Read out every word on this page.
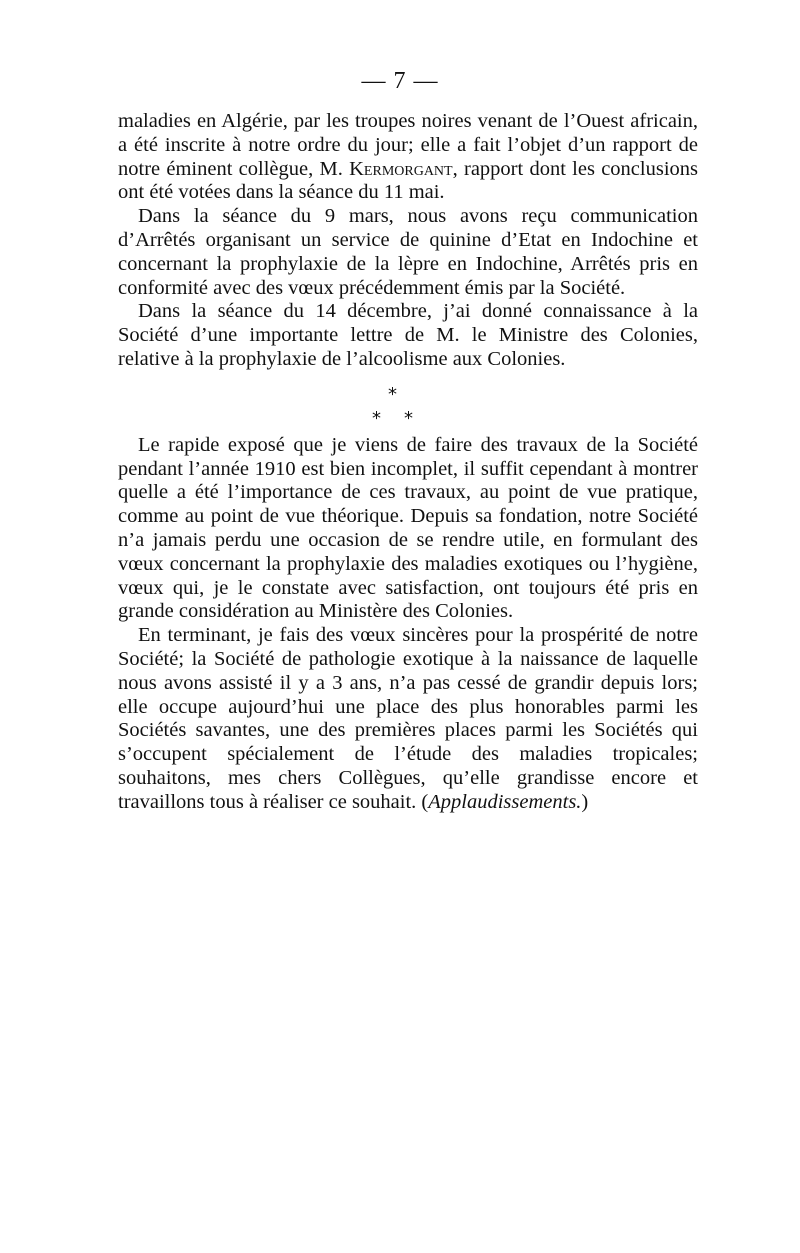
— 7 —

maladies en Algérie, par les troupes noires venant de l’Ouest africain, a été inscrite à notre ordre du jour; elle a fait l’objet d’un rapport de notre éminent collègue, M. Kermorgant, rapport dont les conclusions ont été votées dans la séance du 11 mai.

Dans la séance du 9 mars, nous avons reçu communication d’Arrêtés organisant un service de quinine d’Etat en Indochine et concernant la prophylaxie de la lèpre en Indochine, Arrêtés pris en conformité avec des vœux précédemment émis par la Société.

Dans la séance du 14 décembre, j’ai donné connaissance à la Société d’une importante lettre de M. le Ministre des Colonies, relative à la prophylaxie de l’alcoolisme aux Colonies.

*
* *

Le rapide exposé que je viens de faire des travaux de la Société pendant l’année 1910 est bien incomplet, il suffit cependant à montrer quelle a été l’importance de ces travaux, au point de vue pratique, comme au point de vue théorique. Depuis sa fondation, notre Société n’a jamais perdu une occasion de se rendre utile, en formulant des vœux concernant la prophylaxie des maladies exotiques ou l’hygiène, vœux qui, je le constate avec satisfaction, ont toujours été pris en grande considération au Ministère des Colonies.

En terminant, je fais des vœux sincères pour la prospérité de notre Société; la Société de pathologie exotique à la naissance de laquelle nous avons assisté il y a 3 ans, n’a pas cessé de grandir depuis lors; elle occupe aujourd’hui une place des plus honorables parmi les Sociétés savantes, une des premières places parmi les Sociétés qui s’occupent spécialement de l’étude des maladies tropicales; souhaitons, mes chers Collègues, qu’elle grandisse encore et travaillons tous à réaliser ce souhait. (Applaudissements.)
